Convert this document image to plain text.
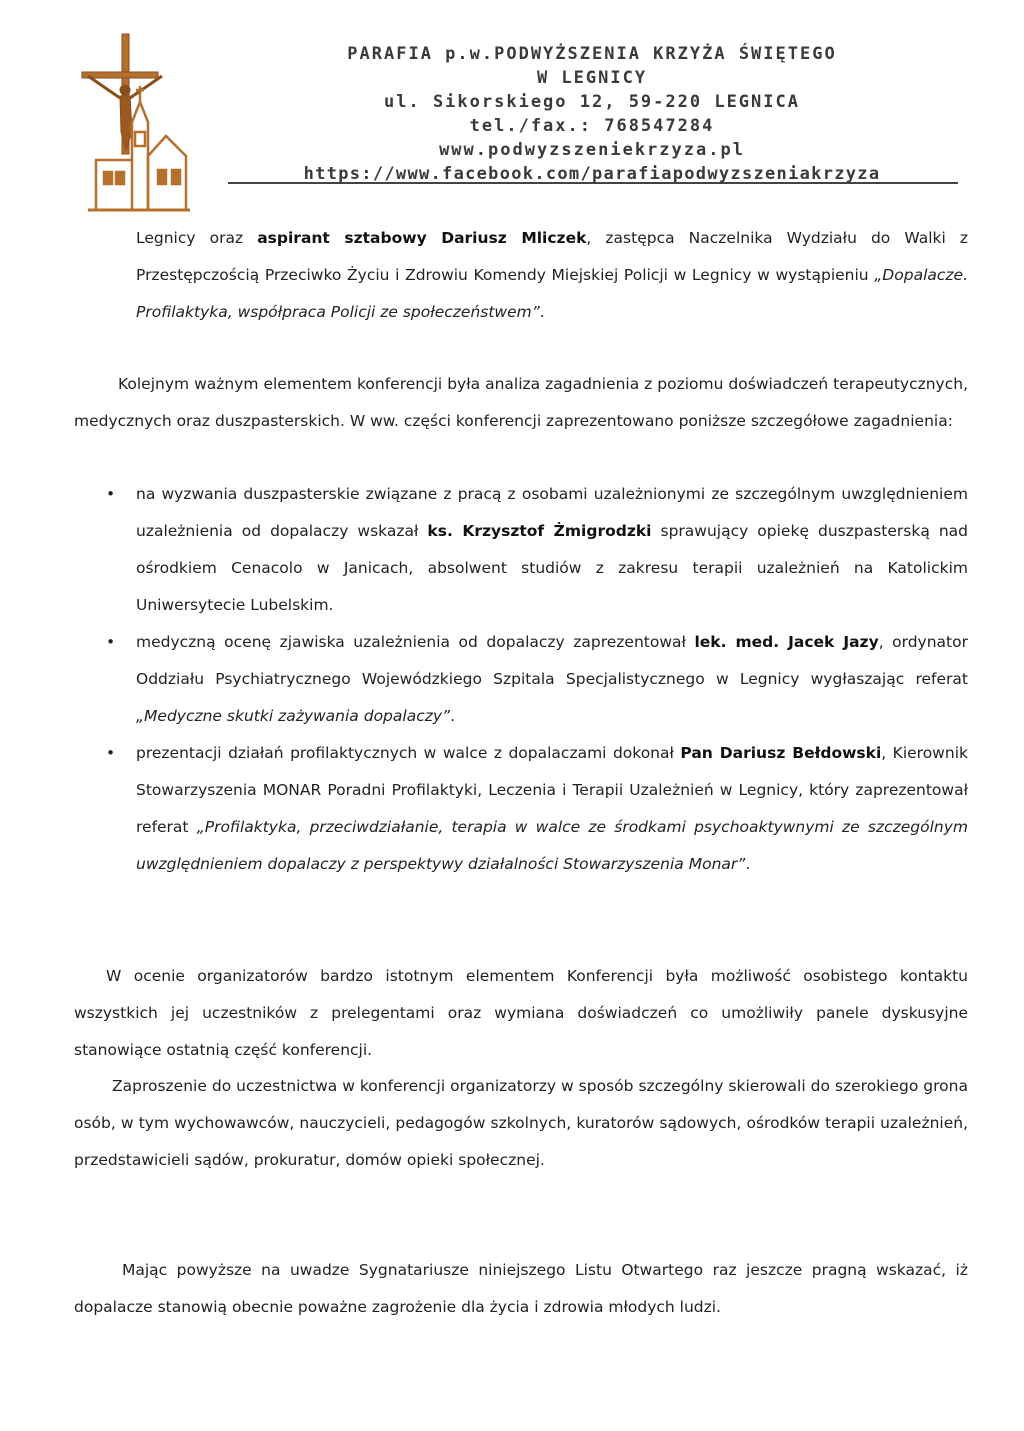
PARAFIA p.w.PODWYŻSZENIA KRZYŻA ŚWIĘTEGO
W LEGNICY
ul. Sikorskiego 12, 59-220 LEGNICA
tel./fax.: 768547284
www.podwyzszeniekrzyza.pl
https://www.facebook.com/parafiapodwyzszeniakrzyza
Legnicy oraz aspirant sztabowy Dariusz Mliczek, zastępca Naczelnika Wydziału do Walki z Przestępczością Przeciwko Życiu i Zdrowiu Komendy Miejskiej Policji w Legnicy w wystąpieniu „Dopalacze. Profilaktyka, współpraca Policji ze społeczeństwem”.
Kolejnym ważnym elementem konferencji była analiza zagadnienia z poziomu doświadczeń terapeutycznych, medycznych oraz duszpasterskich. W ww. części konferencji zaprezentowano poniższe szczegółowe zagadnienia:
• na wyzwania duszpasterskie związane z pracą z osobami uzależnionymi ze szczególnym uwzględnieniem uzależnienia od dopalaczy wskazał ks. Krzysztof Żmigrodzki sprawujący opiekę duszpasterską nad ośrodkiem Cenacolo w Janicach, absolwent studiów z zakresu terapii uzależnień na Katolickim Uniwersytecie Lubelskim.
• medyczną ocenę zjawiska uzależnienia od dopalaczy zaprezentował lek. med. Jacek Jazy, ordynator Oddziału Psychiatrycznego Wojewódzkiego Szpitala Specjalistycznego w Legnicy wygłaszając referat „Medyczne skutki zażywania dopalaczy”.
• prezentacji działań profilaktycznych w walce z dopalaczami dokonał Pan Dariusz Bełdowski, Kierownik Stowarzyszenia MONAR Poradni Profilaktyki, Leczenia i Terapii Uzależnień w Legnicy, który zaprezentował referat „Profilaktyka, przeciwdziałanie, terapia w walce ze środkami psychoaktywnymi ze szczególnym uwzględnieniem dopalaczy z perspektywy działalności Stowarzyszenia Monar”.
W ocenie organizatorów bardzo istotnym elementem Konferencji była możliwość osobistego kontaktu wszystkich jej uczestników z prelegentami oraz wymiana doświadczeń co umożliwiły panele dyskusyjne stanowiące ostatnią część konferencji.
Zaproszenie do uczestnictwa w konferencji organizatorzy w sposób szczególny skierowali do szerokiego grona osób, w tym wychowawców, nauczycieli, pedagogów szkolnych, kuratorów sądowych, ośrodków terapii uzależnień, przedstawicieli sądów, prokuratur, domów opieki społecznej.
Mając powyższe na uwadze Sygnatariusze niniejszego Listu Otwartego raz jeszcze pragną wskazać, iż dopalacze stanowią obecnie poważne zagrożenie dla życia i zdrowia młodych ludzi.
